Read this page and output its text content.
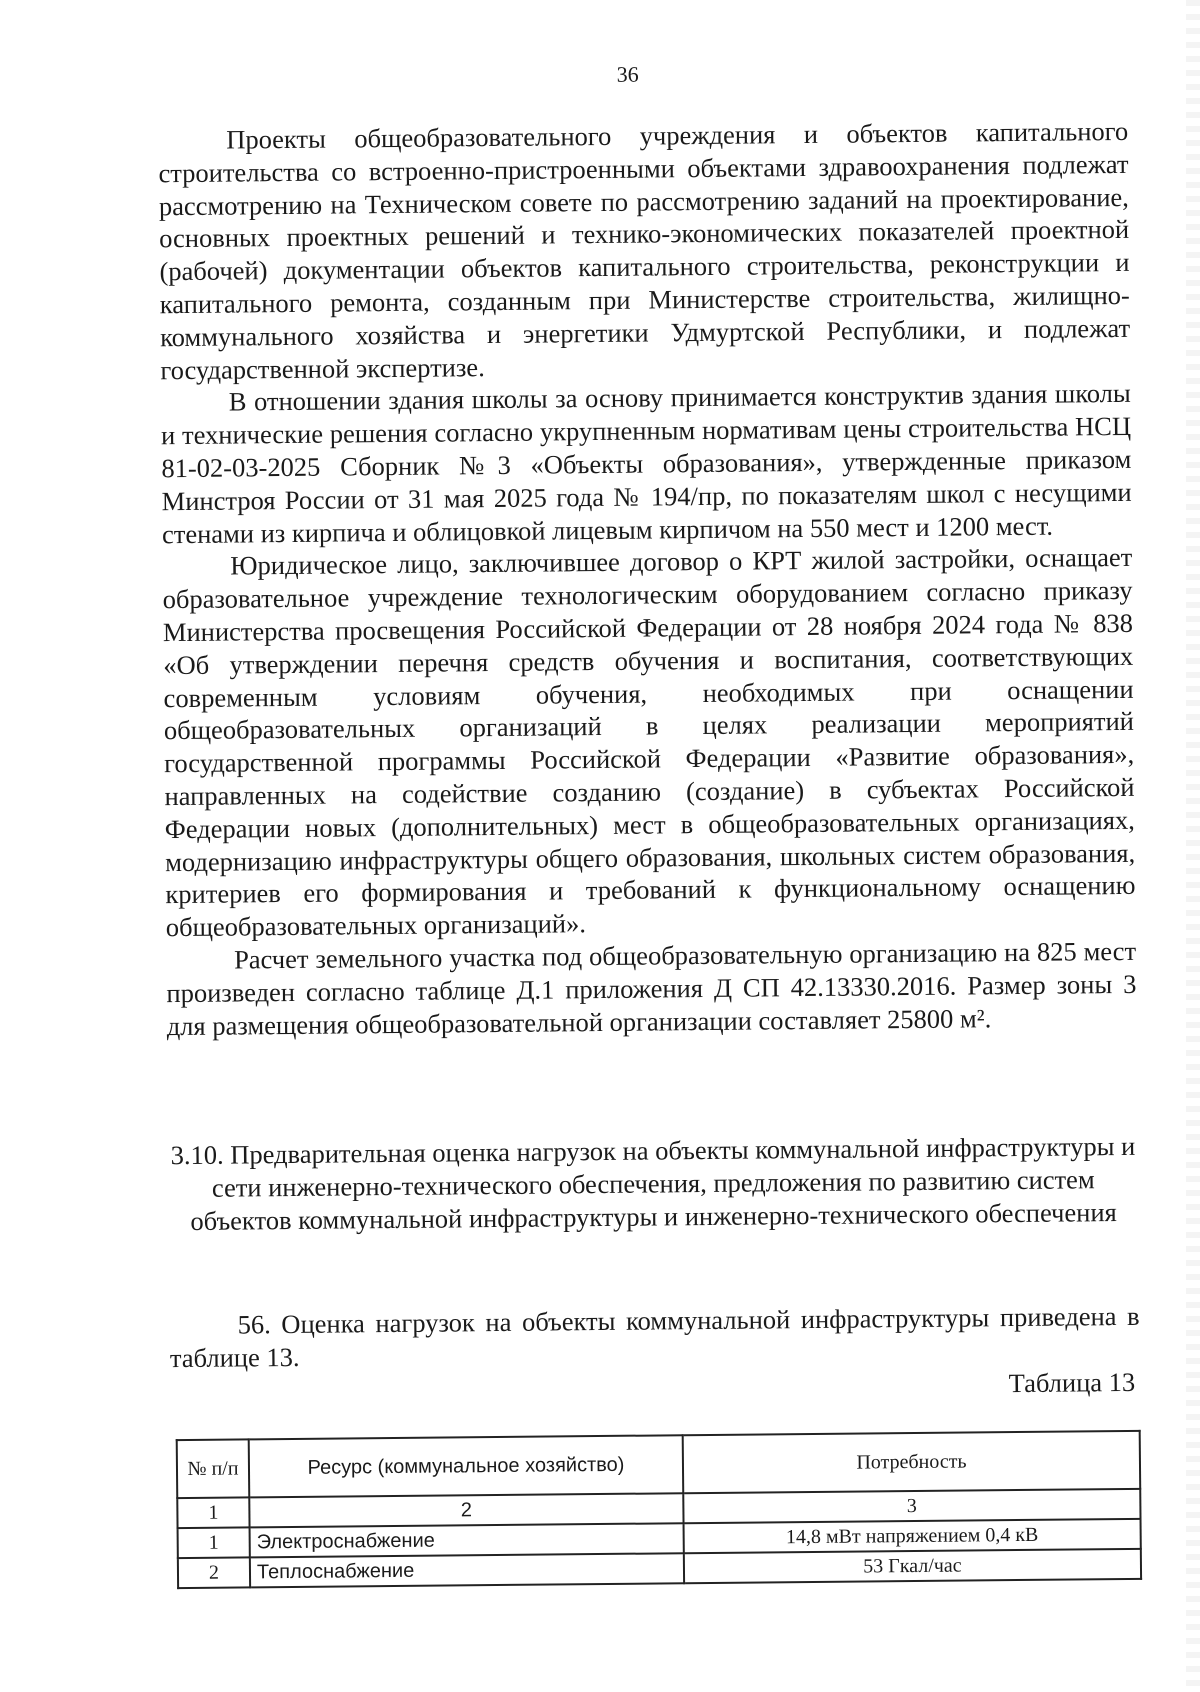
36

Проекты общеобразовательного учреждения и объектов капитального строительства со встроенно-пристроенными объектами здравоохранения подлежат рассмотрению на Техническом совете по рассмотрению заданий на проектирование, основных проектных решений и технико-экономических показателей проектной (рабочей) документации объектов капитального строительства, реконструкции и капитального ремонта, созданным при Министерстве строительства, жилищно-коммунального хозяйства и энергетики Удмуртской Республики, и подлежат государственной экспертизе.

В отношении здания школы за основу принимается конструктив здания школы и технические решения согласно укрупненным нормативам цены строительства НСЦ 81-02-03-2025 Сборник №3 «Объекты образования», утвержденные приказом Минстроя России от 31 мая 2025 года № 194/пр, по показателям школ с несущими стенами из кирпича и облицовкой лицевым кирпичом на 550 мест и 1200 мест.

Юридическое лицо, заключившее договор о КРТ жилой застройки, оснащает образовательное учреждение технологическим оборудованием согласно приказу Министерства просвещения Российской Федерации от 28 ноября 2024 года № 838 «Об утверждении перечня средств обучения и воспитания, соответствующих современным условиям обучения, необходимых при оснащении общеобразовательных организаций в целях реализации мероприятий государственной программы Российской Федерации «Развитие образования», направленных на содействие созданию (создание) в субъектах Российской Федерации новых (дополнительных) мест в общеобразовательных организациях, модернизацию инфраструктуры общего образования, школьных систем образования, критериев его формирования и требований к функциональному оснащению общеобразовательных организаций».

Расчет земельного участка под общеобразовательную организацию на 825 мест произведен согласно таблице Д.1 приложения Д СП 42.13330.2016. Размер зоны 3 для размещения общеобразовательной организации составляет 25800 м².

3.10. Предварительная оценка нагрузок на объекты коммунальной инфраструктуры и сети инженерно-технического обеспечения, предложения по развитию систем объектов коммунальной инфраструктуры и инженерно-технического обеспечения

56. Оценка нагрузок на объекты коммунальной инфраструктуры приведена в таблице 13.

Таблица 13
№ п/п	Ресурс (коммунальное хозяйство)	Потребность
1	2	3
1	Электроснабжение	14,8 мВт напряжением 0,4 кВ
2	Теплоснабжение	53 Гкал/час
